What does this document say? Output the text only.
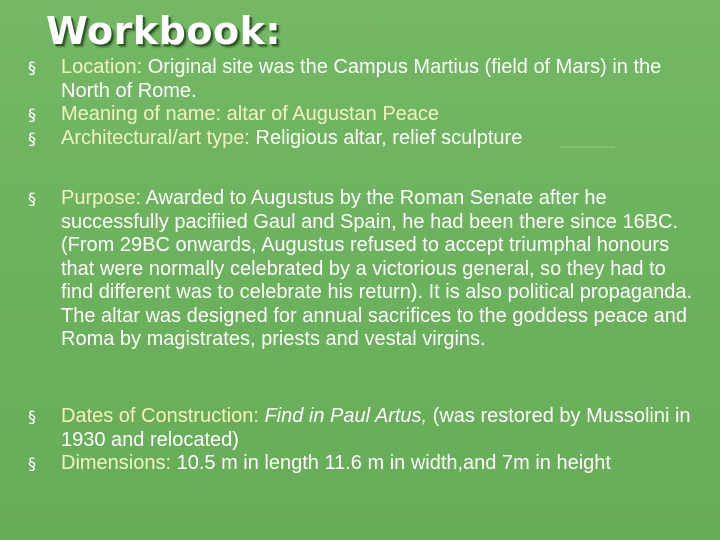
Workbook:
§	Location: Original site was the Campus Martius (field of Mars) in the North of Rome.
§	Meaning of name: altar of Augustan Peace
§	Architectural/art type: Religious altar, relief sculpture
§	Purpose: Awarded to Augustus by the Roman Senate after he successfully pacifiied Gaul and Spain, he had been there since 16BC. (From 29BC onwards, Augustus refused to accept triumphal honours that were normally celebrated by a victorious general, so they had to find different was to celebrate his return). It is also political propaganda. The altar was designed for annual sacrifices to the goddess peace and Roma by magistrates, priests and vestal virgins.
§	Dates of Construction: Find in Paul Artus, (was restored by Mussolini in 1930 and relocated)
§	Dimensions: 10.5 m in length 11.6 m in width,and 7m in height
